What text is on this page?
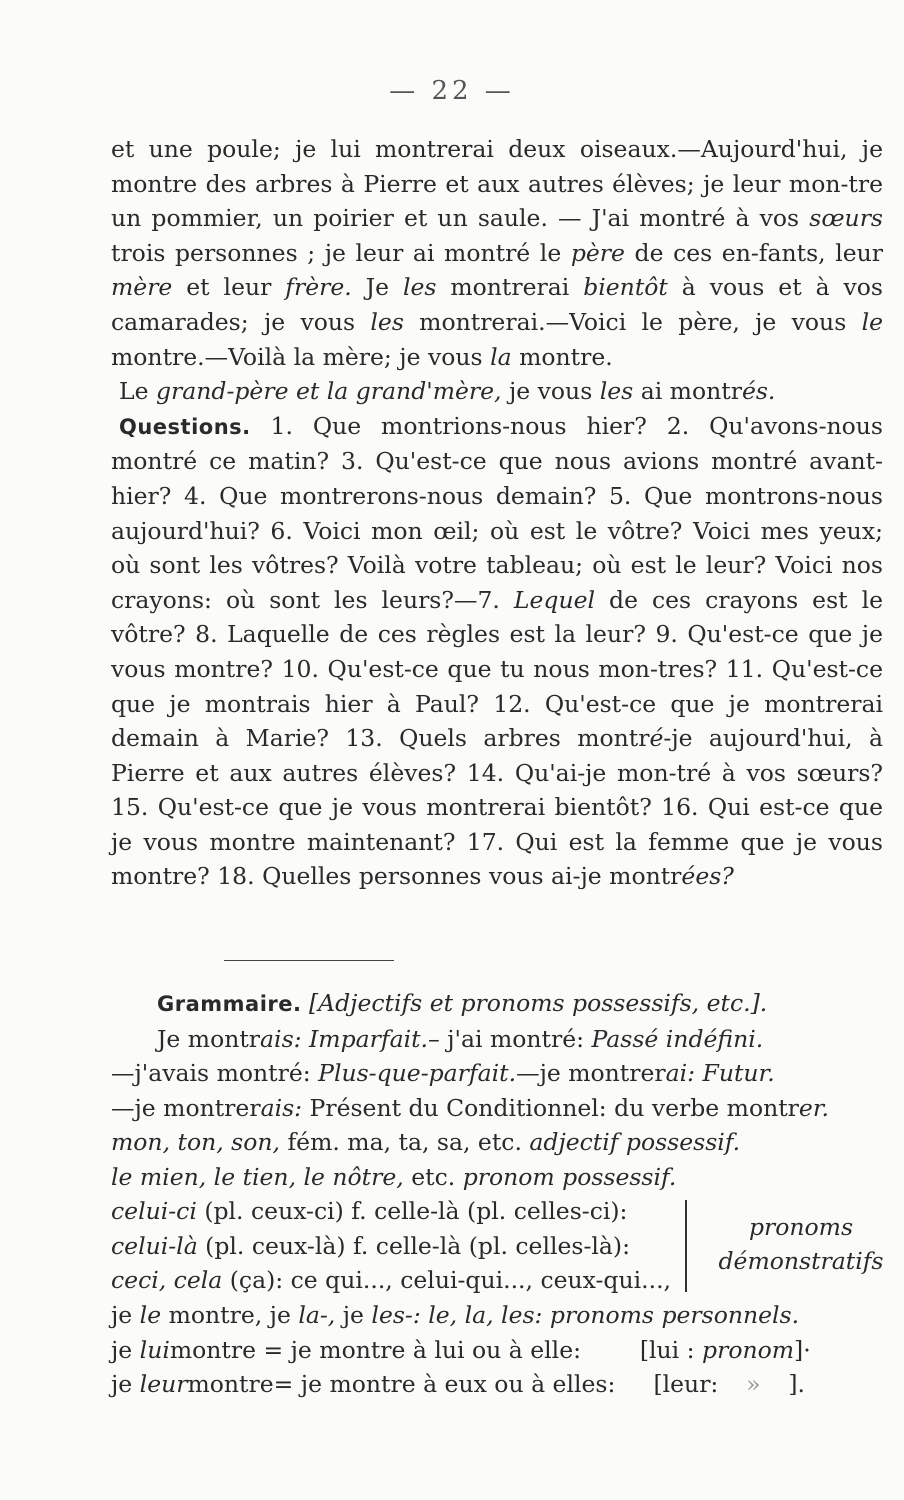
— 22 —

et une poule; je lui montrerai deux oiseaux.—Aujourd'hui, je montre des arbres à Pierre et aux autres élèves; je leur mon-tre un pommier, un poirier et un saule. — J'ai montré à vos sœurs trois personnes ; je leur ai montré le père de ces en-fants, leur mère et leur frère. Je les montrerai bientôt à vous et à vos camarades; je vous les montrerai.—Voici le père, je vous le montre.—Voilà la mère; je vous la montre.

Le grand-père et la grand'mère, je vous les ai montrés.

Questions. 1. Que montrions-nous hier? 2. Qu'avons-nous montré ce matin? 3. Qu'est-ce que nous avions montré avant-hier? 4. Que montrerons-nous demain? 5. Que montrons-nous aujourd'hui? 6. Voici mon œil; où est le vôtre? Voici mes yeux; où sont les vôtres? Voilà votre tableau; où est le leur? Voici nos crayons: où sont les leurs?—7. Lequel de ces crayons est le vôtre? 8. Laquelle de ces règles est la leur? 9. Qu'est-ce que je vous montre? 10. Qu'est-ce que tu nous mon-tres? 11. Qu'est-ce que je montrais hier à Paul? 12. Qu'est-ce que je montrerai demain à Marie? 13. Quels arbres montré-je aujourd'hui, à Pierre et aux autres élèves? 14. Qu'ai-je mon-tré à vos sœurs? 15. Qu'est-ce que je vous montrerai bientôt? 16. Qui est-ce que je vous montre maintenant? 17. Qui est la femme que je vous montre? 18. Quelles personnes vous ai-je montrées?

Grammaire. [Adjectifs et pronoms possessifs, etc.].
Je montrais: Imparfait.– j'ai montré: Passé indéfini.
—j'avais montré: Plus-que-parfait.—je montrerai: Futur.
—je montrerais: Présent du Conditionnel: du verbe montrer.
mon, ton, son, fém. ma, ta, sa, etc. adjectif possessif.
le mien, le tien, le nôtre, etc. pronom possessif.
celui-ci (pl. ceux-ci) f. celle-là (pl. celles-ci):
celui-là (pl. ceux-là) f. celle-là (pl. celles-là):
ceci, cela (ça): ce qui..., celui-qui..., ceux-qui...,
pronoms
démonstratifs
je le montre, je la-, je les-: le, la, les: pronoms personnels.
je luimontre = je montre à lui ou à elle:	[lui : pronom]·
je leurmontre= je montre à eux ou à elles: [leur: » ].
